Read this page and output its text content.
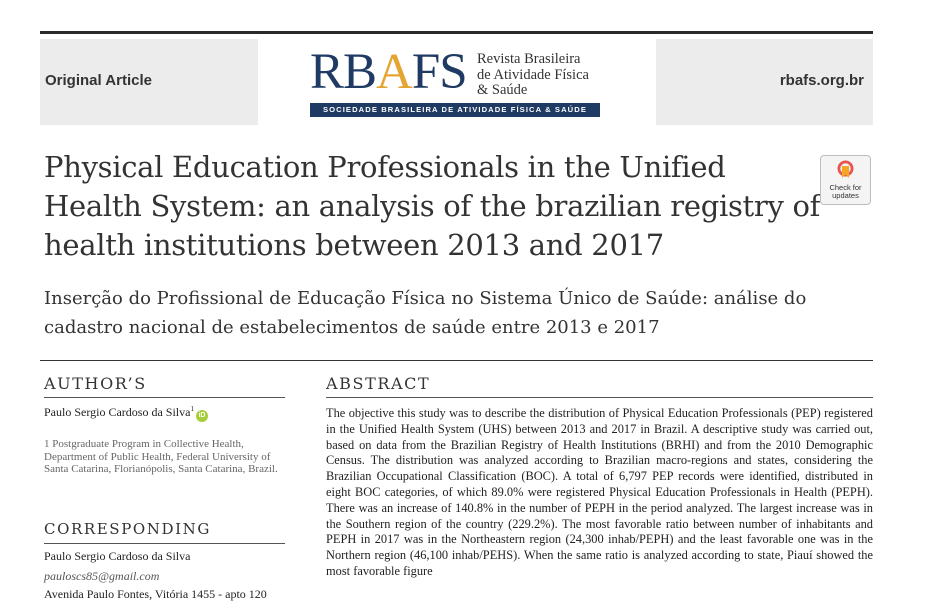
Original Article	RBAFS Revista Brasileira
de Atividade Física
& Saúde
SOCIEDADE BRASILEIRA DE ATIVIDADE FÍSICA & SAÚDE
rbafs.org.br
Physical Education Professionals in the Unified Health System: an analysis of the brazilian registry of health institutions between 2013 and 2017
Check for
updates
Inserção do Profissional de Educação Física no Sistema Único de Saúde: análise do cadastro nacional de estabelecimentos de saúde entre 2013 e 2017
AUTHOR’S
Paulo Sergio Cardoso da Silva$^1$iD
1 Postgraduate Program in Collective Health, Department of Public Health, Federal University of Santa Catarina, Florianópolis, Santa Catarina, Brazil.
CORRESPONDING
Paulo Sergio Cardoso da Silva
pauloscs85@gmail.com
Avenida Paulo Fontes, Vitória 1455 - apto 120
ABSTRACT

The objective this study was to describe the distribution of Physical Education Professionals (PEP) registered in the Unified Health System (UHS) between 2013 and 2017 in Brazil. A descriptive study was carried out, based on data from the Brazilian Registry of Health Institutions (BRHI) and from the 2010 Demographic Census. The distribution was analyzed according to Brazilian macro-regions and states, considering the Brazilian Occupational Classification (BOC). A total of 6,797 PEP records were identified, distributed in eight BOC categories, of which 89.0% were registered Physical Education Professionals in Health (PEPH). There was an increase of 140.8% in the number of PEPH in the period analyzed. The largest increase was in the Southern region of the country (229.2%). The most favorable ratio between number of inhabitants and PEPH in 2017 was in the Northeastern region (24,300 inhab/PEPH) and the least favorable one was in the Northern region (46,100 inhab/PEHS). When the same ratio is analyzed according to state, Piauí showed the most favorable figure
